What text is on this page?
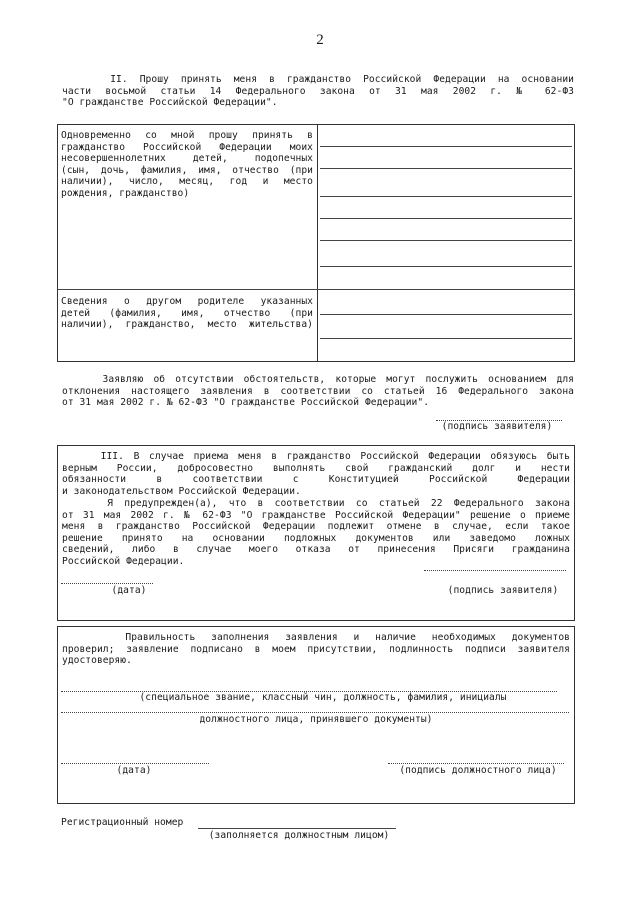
2
II. Прошу принять меня в гражданство Российской Федерации на основании
части восьмой статьи 14 Федерального закона от 31 мая 2002 г. № 62-ФЗ
"О гражданстве Российской Федерации".
Одновременно со мной прошу принять в
гражданство Российской Федерации моих
несовершеннолетних детей, подопечных
(сын, дочь, фамилия, имя, отчество (при
наличии), число, месяц, год и место
рождения, гражданство)
Сведения о другом родителе указанных
детей (фамилия, имя, отчество (при
наличии), гражданство, место жительства)
Заявляю об отсутствии обстоятельств, которые могут послужить основанием для
отклонения настоящего заявления в соответствии со статьей 16 Федерального закона
от 31 мая 2002 г. № 62-ФЗ "О гражданстве Российской Федерации".
(подпись заявителя)
III. В случае приема меня в гражданство Российской Федерации обязуюсь быть
верным России, добросовестно выполнять свой гражданский долг и нести
обязанности в соответствии с Конституцией Российской Федерации
и законодательством Российской Федерации.
Я предупрежден(а), что в соответствии со статьей 22 Федерального закона
от 31 мая 2002 г. № 62-ФЗ "О гражданстве Российской Федерации" решение о приеме
меня в гражданство Российской Федерации подлежит отмене в случае, если такое
решение принято на основании подложных документов или заведомо ложных
сведений, либо в случае моего отказа от принесения Присяги гражданина
Российской Федерации.
(дата)	(подпись заявителя)
Правильность заполнения заявления и наличие необходимых документов
проверил; заявление подписано в моем присутствии, подлинность подписи заявителя
удостоверяю.
(специальное звание, классный чин, должность, фамилия, инициалы
должностного лица, принявшего документы)
(дата)	(подпись должностного лица)
Регистрационный номер
(заполняется должностным лицом)
